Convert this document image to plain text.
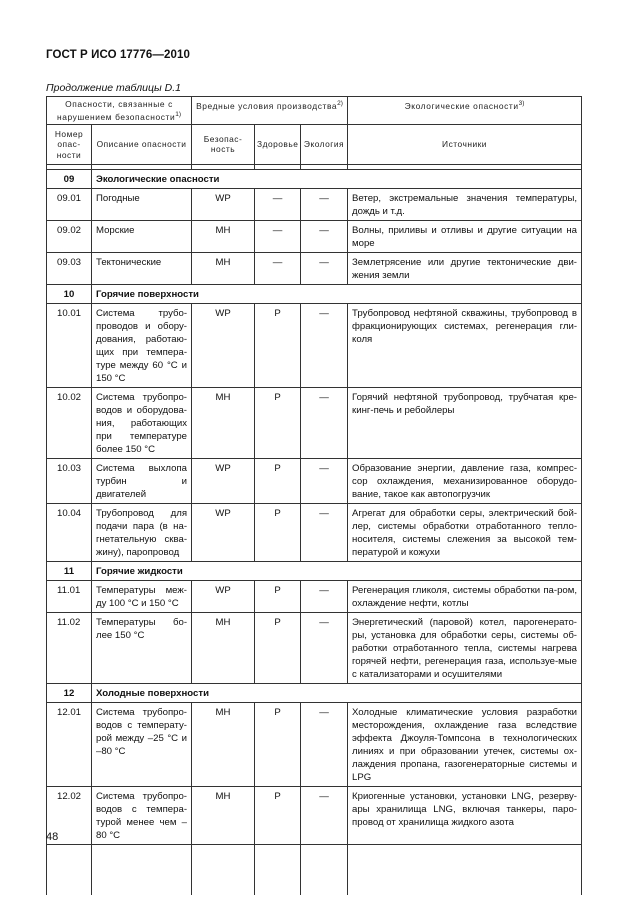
ГОСТ Р ИСО 17776—2010
Продолжение таблицы D.1
Опасности, связанные с нарушением безопасности$^{1)}$		Вредные условия производства$^{2)}$			Экологические опасности$^{3)}$
Номер опас-ности	Описание опасности	Безопас-ность	Здоровье	Экология	Источники

09	Экологические опасности				
09.01	Погодные	WP	—	—	Ветер, экстремальные значения температуры, дождь и т.д.
09.02	Морские	MH	—	—	Волны, приливы и отливы и другие ситуации на море
09.03	Тектонические	MH	—	—	Землетрясение или другие тектонические дви-жения земли
10	Горячие поверхности				
10.01	Система трубо-проводов и обору-дования, работаю-щих при темпера-туре между 60 °C и 150 °C	WP	P	—	Трубопровод нефтяной скважины, трубопровод в фракционирующих системах, регенерация гли-коля
10.02	Система трубопро-водов и оборудова-ния, работающих при температуре более 150 °C	MH	P	—	Горячий нефтяной трубопровод, трубчатая кре-кинг-печь и ребойлеры
10.03	Система выхлопа турбин и двигателей	WP	P	—	Образование энергии, давление газа, компрес-сор охлаждения, механизированное оборудо-вание, такое как автопогрузчик
10.04	Трубопровод для подачи пара (в на-гнетательную сква-жину), паропровод	WP	P	—	Агрегат для обработки серы, электрический бой-лер, системы обработки отработанного тепло-носителя, системы слежения за высокой тем-пературой и кожухи
11	Горячие жидкости				
11.01	Температуры меж-ду 100 °C и 150 °C	WP	P	—	Регенерация гликоля, системы обработки па-ром, охлаждение нефти, котлы
11.02	Температуры бо-лее 150 °C	MH	P	—	Энергетический (паровой) котел, парогенерато-ры, установка для обработки серы, системы об-работки отработанного тепла, системы нагрева горячей нефти, регенерация газа, используе-мые с катализаторами и осушителями
12	Холодные поверхности				
12.01	Система трубопро-водов с температу-рой между –25 °C и –80 °C	MH	P	—	Холодные климатические условия разработки месторождения, охлаждение газа вследствие эффекта Джоуля-Томпсона в технологических линиях и при образовании утечек, системы ох-лаждения пропана, газогенераторные системы и LPG
12.02	Система трубопро-водов с темпера-турой менее чем –80 °C	MH	P	—	Криогенные установки, установки LNG, резерву-ары хранилища LNG, включая танкеры, паро-провод от хранилища жидкого азота

48
